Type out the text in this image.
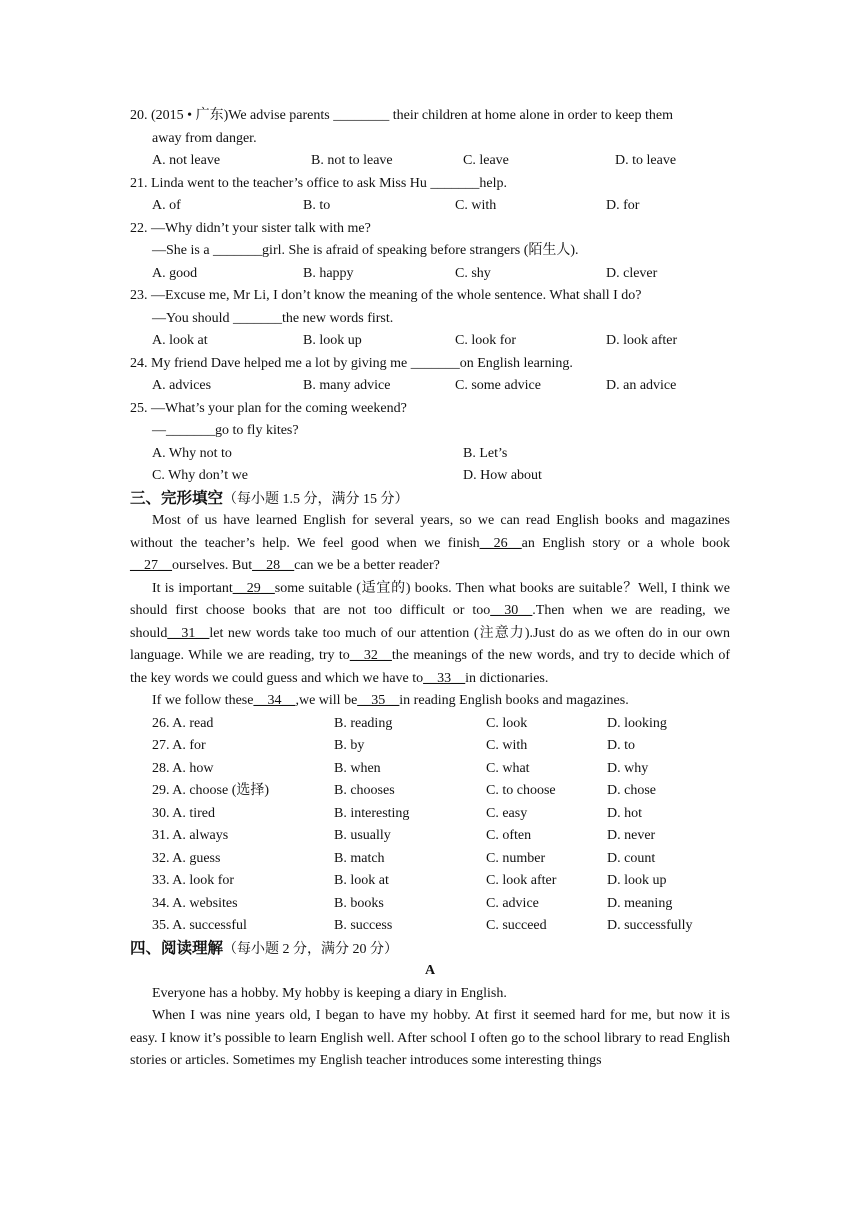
20. (2015 • 广东)We advise parents ________ their children at home alone in order to keep them
away from danger.
A. not leave	B. not to leave	C. leave	D. to leave
21. Linda went to the teacher’s office to ask Miss Hu _______help.
A. of	B. to	C. with	D. for
22. —Why didn’t your sister talk with me?
—She is a _______girl. She is afraid of speaking before strangers (陌生人).
A. good	B. happy	C. shy	D. clever
23. —Excuse me, Mr Li, I don’t know the meaning of the whole sentence. What shall I do?
—You should _______the new words first.
A. look at	B. look up	C. look for	D. look after
24. My friend Dave helped me a lot by giving me _______on English learning.
A. advices	B. many advice	C. some advice	D. an advice
25. —What’s your plan for the coming weekend?
—_______go to fly kites?
A. Why not to	B. Let’s
C. Why don’t we	D. How about
三、完形填空（每小题 1.5 分，满分 15 分）
Most of us have learned English for several years, so we can read English books and magazines without the teacher’s help. We feel good when we finish__26__an English story or a whole book __27__ourselves. But__28__can we be a better reader?
It is important__29__some suitable (适宜的) books. Then what books are suitable？Well, I think we should first choose books that are not too difficult or too__30__.Then when we are reading, we should__31__let new words take too much of our attention (注意力).Just do as we often do in our own language. While we are reading, try to__32__the meanings of the new words, and try to decide which of the key words we could guess and which we have to__33__in dictionaries.
If we follow these__34__,we will be__35__in reading English books and magazines.
26. A. read	B. reading	C. look	D. looking
27. A. for	B. by	C. with	D. to
28. A. how	B. when	C. what	D. why
29. A. choose (选择)	B. chooses	C. to choose	D. chose
30. A. tired	B. interesting	C. easy	D. hot
31. A. always	B. usually	C. often	D. never
32. A. guess	B. match	C. number	D. count
33. A. look for	B. look at	C. look after	D. look up
34. A. websites	B. books	C. advice	D. meaning
35. A. successful	B. success	C. succeed	D. successfully
四、阅读理解（每小题 2 分，满分 20 分）
A
Everyone has a hobby. My hobby is keeping a diary in English.
When I was nine years old, I began to have my hobby. At first it seemed hard for me, but now it is easy. I know it’s possible to learn English well. After school I often go to the school library to read English stories or articles. Sometimes my English teacher introduces some interesting things
